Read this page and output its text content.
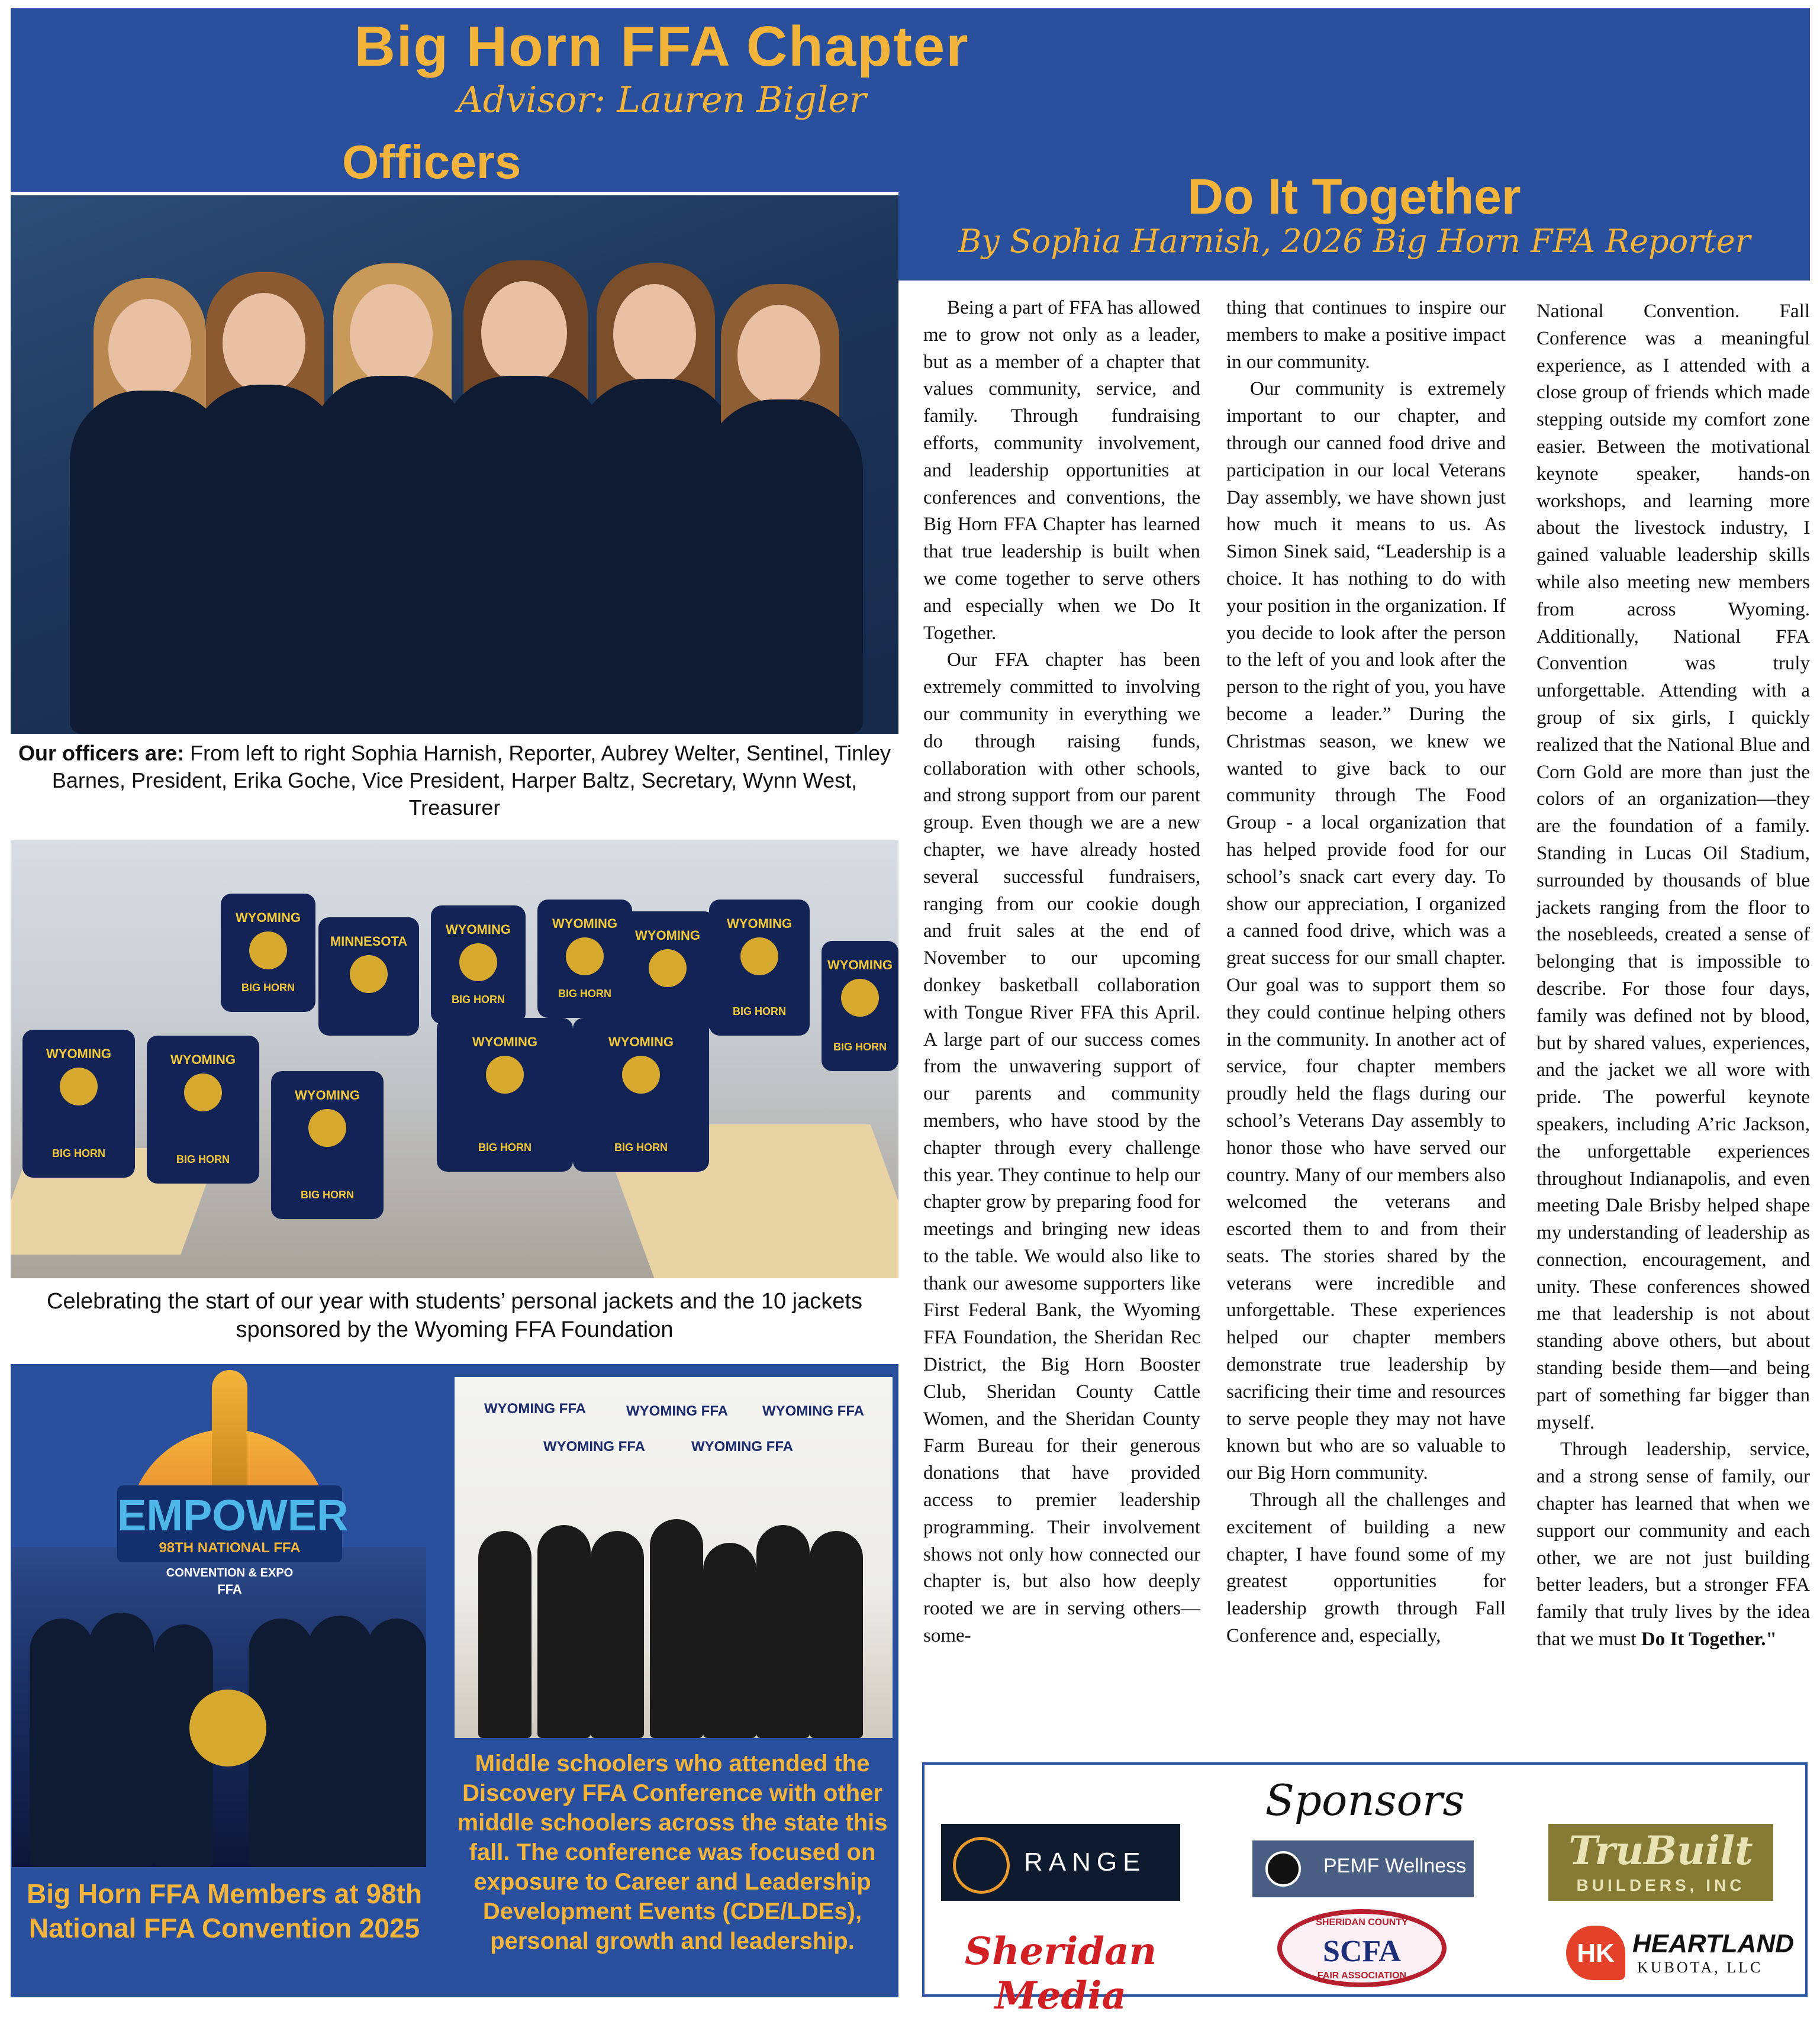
Big Horn FFA Chapter
Advisor: Lauren Bigler
Officers
Do It Together
By Sophia Harnish, 2026 Big Horn FFA Reporter
Our officers are: From left to right Sophia Harnish, Reporter, Aubrey Welter, Sentinel, Tinley Barnes, President, Erika Goche, Vice President, Harper Baltz, Secretary, Wynn West, Treasurer
WYOMING
BIG HORN
MINNESOTA
WYOMING
BIG HORN
WYOMING
BIG HORN
WYOMING
WYOMING
BIG HORN
WYOMING
BIG HORN
WYOMING
BIG HORN
WYOMING
BIG HORN
WYOMING
BIG HORN
WYOMING
BIG HORN
WYOMING
BIG HORN
Celebrating the start of our year with students’ personal jackets and the 10 jackets sponsored by the Wyoming FFA Foundation
EMPOWER
98TH NATIONAL FFA
CONVENTION & EXPO
FFA
Big Horn FFA Members at 98th National FFA Convention 2025
WYOMING FFA	WYOMING FFA WYOMING FFA
WYOMING FFA	WYOMING FFA
Middle schoolers who attended the Discovery FFA Conference with other middle schoolers across the state this fall. The conference was focused on exposure to Career and Leadership Development Events (CDE/LDEs), personal growth and leadership.

Being a part of FFA has allowed me to grow not only as a leader, but as a member of a chapter that values community, service, and family. Through fundraising efforts, community involvement, and leadership opportunities at conferences and conventions, the Big Horn FFA Chapter has learned that true leadership is built when we come together to serve others and especially when we Do It Together.

Our FFA chapter has been extremely committed to involving our community in everything we do through raising funds, collaboration with other schools, and strong support from our parent group. Even though we are a new chapter, we have already hosted several successful fundraisers, ranging from our cookie dough and fruit sales at the end of November to our upcoming donkey basketball collaboration with Tongue River FFA this April. A large part of our success comes from the unwavering support of our parents and community members, who have stood by the chapter through every challenge this year. They continue to help our chapter grow by preparing food for meetings and bringing new ideas to the table. We would also like to thank our awesome supporters like First Federal Bank, the Wyoming FFA Foundation, the Sheridan Rec District, the Big Horn Booster Club, Sheridan County Cattle Women, and the Sheridan County Farm Bureau for their generous donations that have provided access to premier leadership programming. Their involvement shows not only how connected our chapter is, but also how deeply rooted we are in serving others—some-

thing that continues to inspire our members to make a positive impact in our community.

Our community is extremely important to our chapter, and through our canned food drive and participation in our local Veterans Day assembly, we have shown just how much it means to us. As Simon Sinek said, “Leadership is a choice. It has nothing to do with your position in the organization. If you decide to look after the person to the left of you and look after the person to the right of you, you have become a leader.” During the Christmas season, we knew we wanted to give back to our community through The Food Group - a local organization that has helped provide food for our school’s snack cart every day. To show our appreciation, I organized a canned food drive, which was a great success for our small chapter. Our goal was to support them so they could continue helping others in the community. In another act of service, four chapter members proudly held the flags during our school’s Veterans Day assembly to honor those who have served our country. Many of our members also welcomed the veterans and escorted them to and from their seats. The stories shared by the veterans were incredible and unforgettable. These experiences helped our chapter members demonstrate true leadership by sacrificing their time and resources to serve people they may not have known but who are so valuable to our Big Horn community.

Through all the challenges and excitement of building a new chapter, I have found some of my greatest opportunities for leadership growth through Fall Conference and, especially,

National Convention. Fall Conference was a meaningful experience, as I attended with a close group of friends which made stepping outside my comfort zone easier. Between the motivational keynote speaker, hands-on workshops, and learning more about the livestock industry, I gained valuable leadership skills while also meeting new members from across Wyoming. Additionally, National FFA Convention was truly unforgettable. Attending with a group of six girls, I quickly realized that the National Blue and Corn Gold are more than just the colors of an organization—they are the foundation of a family. Standing in Lucas Oil Stadium, surrounded by thousands of blue jackets ranging from the floor to the nosebleeds, created a sense of belonging that is impossible to describe. For those four days, family was defined not by blood, but by shared values, experiences, and the jacket we all wore with pride. The powerful keynote speakers, including A’ric Jackson, the unforgettable experiences throughout Indianapolis, and even meeting Dale Brisby helped shape my understanding of leadership as connection, encouragement, and unity. These conferences showed me that leadership is not about standing above others, but about standing beside them—and being part of something far bigger than myself.

Through leadership, service, and a strong sense of family, our chapter has learned that when we support our community and each other, we are not just building better leaders, but a stronger FFA family that truly lives by the idea that we must Do It Together."

Sponsors
RANGE	PEMF Wellness	TruBuilt
BUILDERS, INC
Sheridan Media
SHERIDAN COUNTY
SCFA
FAIR ASSOCIATION
HK HEARTLAND
KUBOTA, LLC
